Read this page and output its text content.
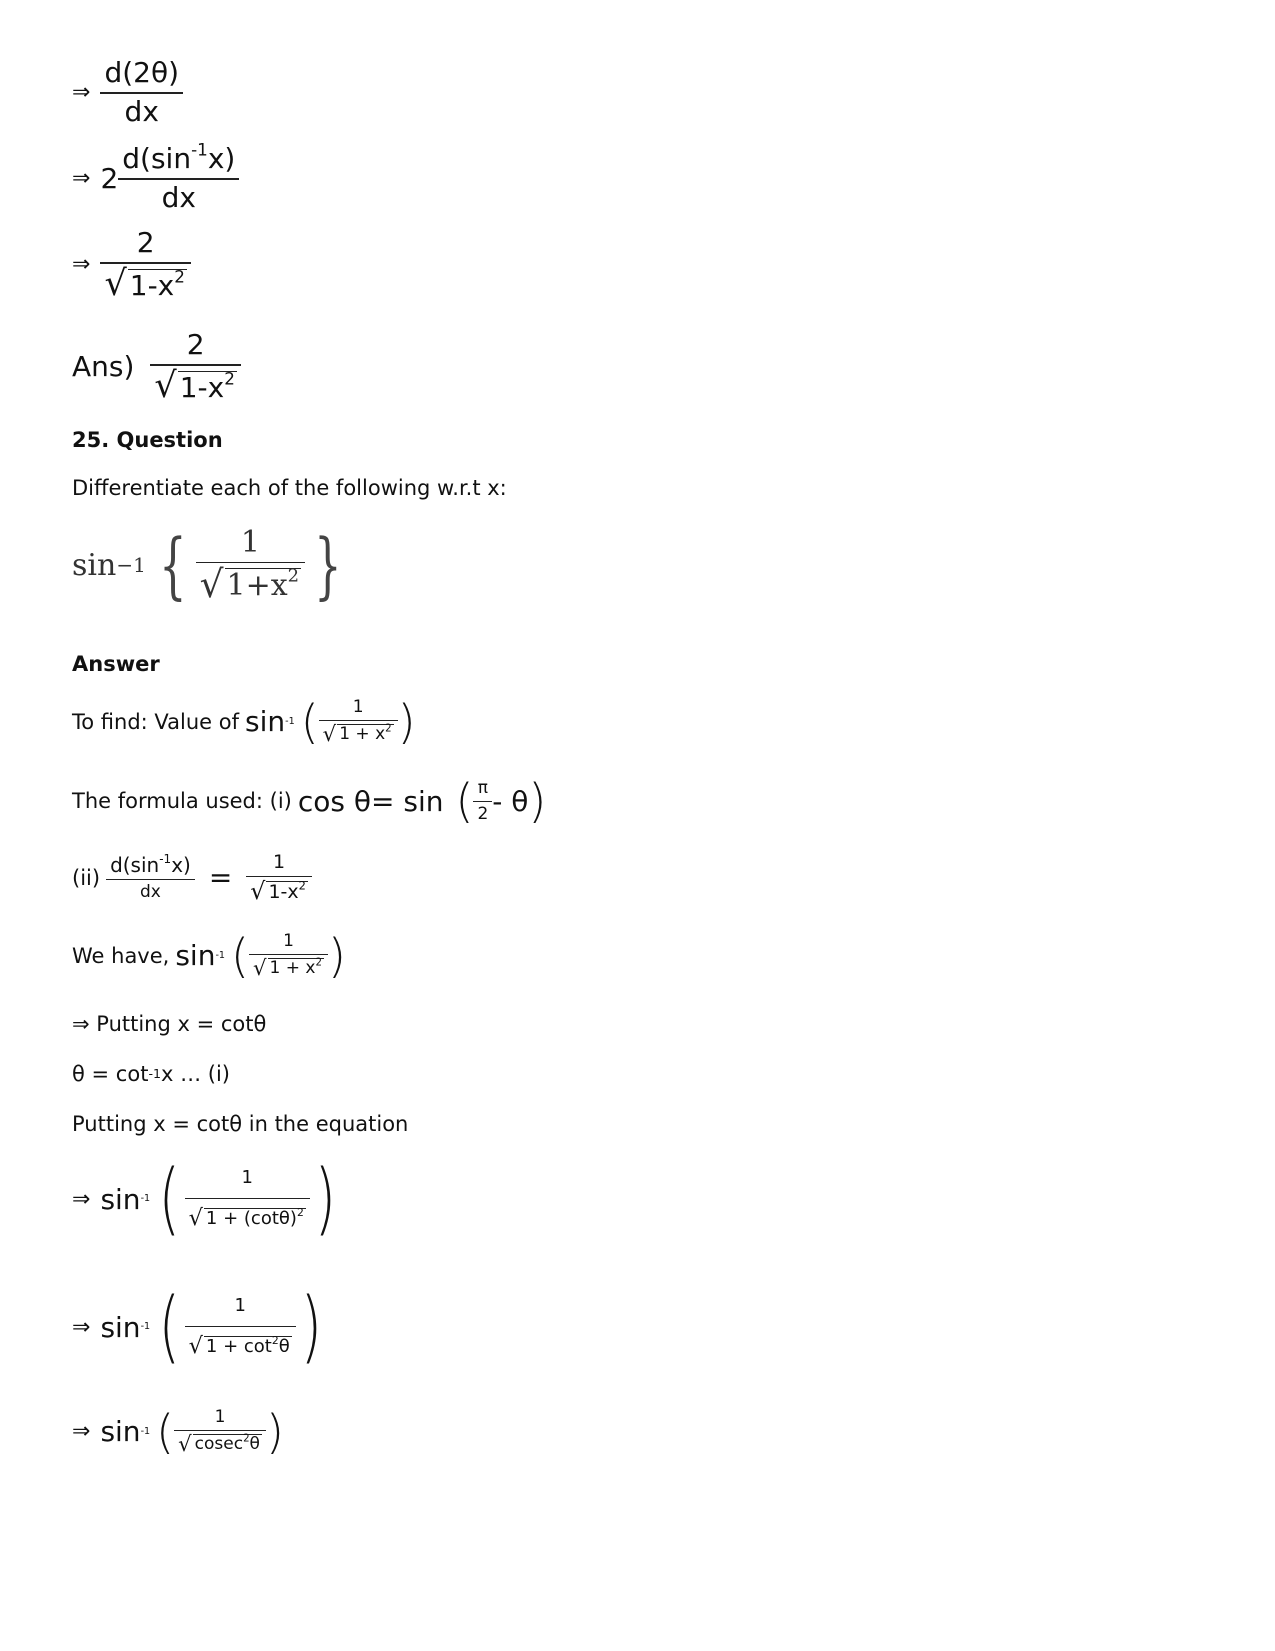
⇒ $\frac{d(2\theta)}{dx}$
⇒ $2 \frac{d(\sin^{-1}x)}{dx}$
⇒ $\frac{2}{√ 1-x^2}$
$Ans) \frac{2}{√ 1-x^2}$
25. Question
Differentiate each of the following w.r.t x:
sin −1 { $\frac{1}{√ 1+x^2}$ }
Answer
To find: Value of sin -1 ( $\frac{1}{√ 1 + x^2}$ )
The formula used: (i) cos θ= sin ( $\frac{\pi}{2}$ - θ )
$(ii) \frac{d(\sin^{-1}x)}{dx} = \frac{1}{√ 1-x^2}$
We have, sin -1 ( $\frac{1}{√ 1 + x^2}$ )
⇒ Putting x = cotθ
θ = cot -1 x … (i)
Putting x = cotθ in the equation
⇒ sin -1 ( $\frac{1}{√ 1 + (\cot\theta)^2}$ )
⇒ sin -1 ( $\frac{1}{√ 1 + \cot^2\theta}$ )
⇒ sin -1 ( $\frac{1}{√ cosec^2\theta}$ )
